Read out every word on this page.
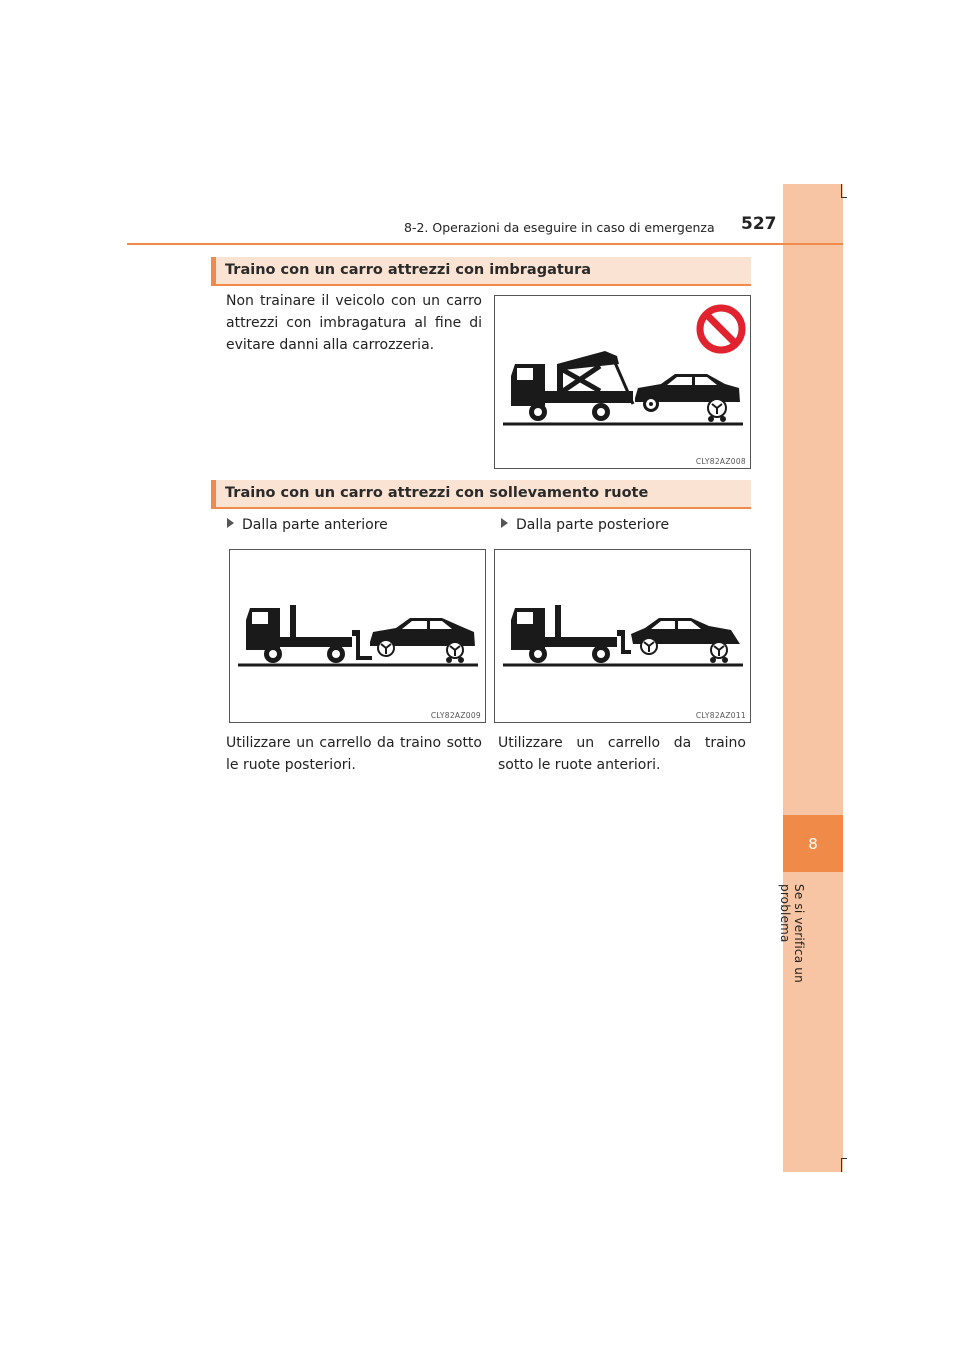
8
Se si verifica un problema
8-2. Operazioni da eseguire in caso di emergenza 527
Traino con un carro attrezzi con imbragatura
Non trainare il veicolo con un carro attrezzi con imbragatura al fine di evitare danni alla carrozzeria.
CLY82AZ008
Traino con un carro attrezzi con sollevamento ruote
Dalla parte anteriore	Dalla parte posteriore
CLY82AZ009	CLY82AZ011
Utilizzare un carrello da traino sotto le ruote posteriori.
Utilizzare un carrello da traino sotto le ruote anteriori.
